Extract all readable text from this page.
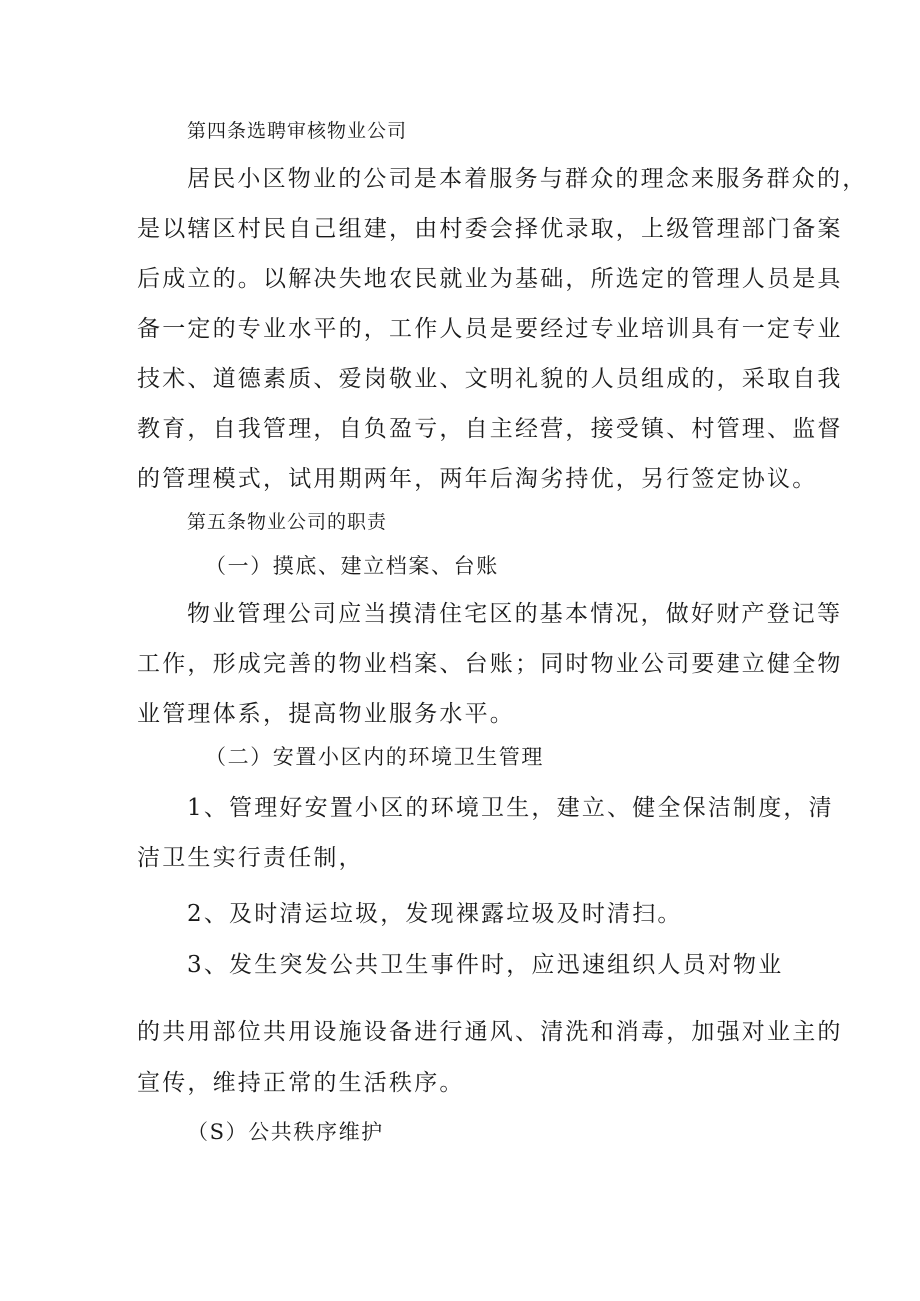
第四条选聘审核物业公司
居民小区物业的公司是本着服务与群众的理念来服务群众的，
是以辖区村民自己组建，由村委会择优录取，上级管理部门备案
后成立的。以解决失地农民就业为基础，所选定的管理人员是具
备一定的专业水平的，工作人员是要经过专业培训具有一定专业
技术、道德素质、爱岗敬业、文明礼貌的人员组成的，采取自我
教育，自我管理，自负盈亏，自主经营，接受镇、村管理、监督
的管理模式，试用期两年，两年后淘劣持优，另行签定协议。
第五条物业公司的职责
（一）摸底、建立档案、台账
物业管理公司应当摸清住宅区的基本情况，做好财产登记等
工作，形成完善的物业档案、台账；同时物业公司要建立健全物
业管理体系，提高物业服务水平。
（二）安置小区内的环境卫生管理
1、管理好安置小区的环境卫生，建立、健全保洁制度，清
洁卫生实行责任制，
2、及时清运垃圾，发现裸露垃圾及时清扫。
3、发生突发公共卫生事件时，应迅速组织人员对物业
的共用部位共用设施设备进行通风、清洗和消毒，加强对业主的
宣传，维持正常的生活秩序。
（S）公共秩序维护
